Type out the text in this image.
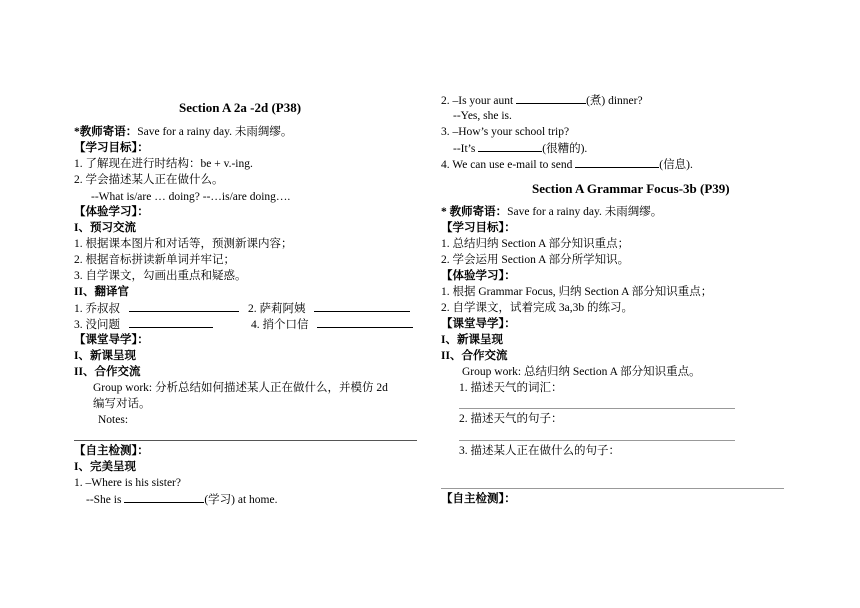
Section A 2a -2d (P38)
*教师寄语：Save for a rainy day. 未雨绸缪。
【学习目标】：
1. 了解现在进行时结构：be + v.-ing.
2. 学会描述某人正在做什么。
--What is/are … doing? --…is/are doing….
【体验学习】：
I、预习交流
1. 根据课本图片和对话等，预测新课内容；
2. 根据音标拼读新单词并牢记；
3. 自学课文，勾画出重点和疑惑。
II、翻译官
1. 乔叔叔	2. 萨莉阿姨
3. 没问题	4. 捎个口信
【课堂导学】：
I、新课呈现
II、合作交流
Group work: 分析总结如何描述某人正在做什么，并模仿 2d
编写对话。
Notes:
【自主检测】：
I、完美呈现
1. –Where is his sister?
--She is	(学习) at home.
2. –Is your aunt	(煮) dinner?
--Yes, she is.
3. –How’s your school trip?
--It’s	(很糟的).
4. We can use e-mail to send	(信息).
Section A Grammar Focus-3b (P39)
* 教师寄语：Save for a rainy day. 未雨绸缪。
【学习目标】：
1. 总结归纳 Section A 部分知识重点；
2. 学会运用 Section A 部分所学知识。
【体验学习】：
1. 根据 Grammar Focus, 归纳 Section A 部分知识重点；
2. 自学课文，试着完成 3a,3b 的练习。
【课堂导学】：
I、新课呈现
II、合作交流
Group work: 总结归纳 Section A 部分知识重点。
1. 描述天气的词汇：
2. 描述天气的句子：
3. 描述某人正在做什么的句子：
【自主检测】：
